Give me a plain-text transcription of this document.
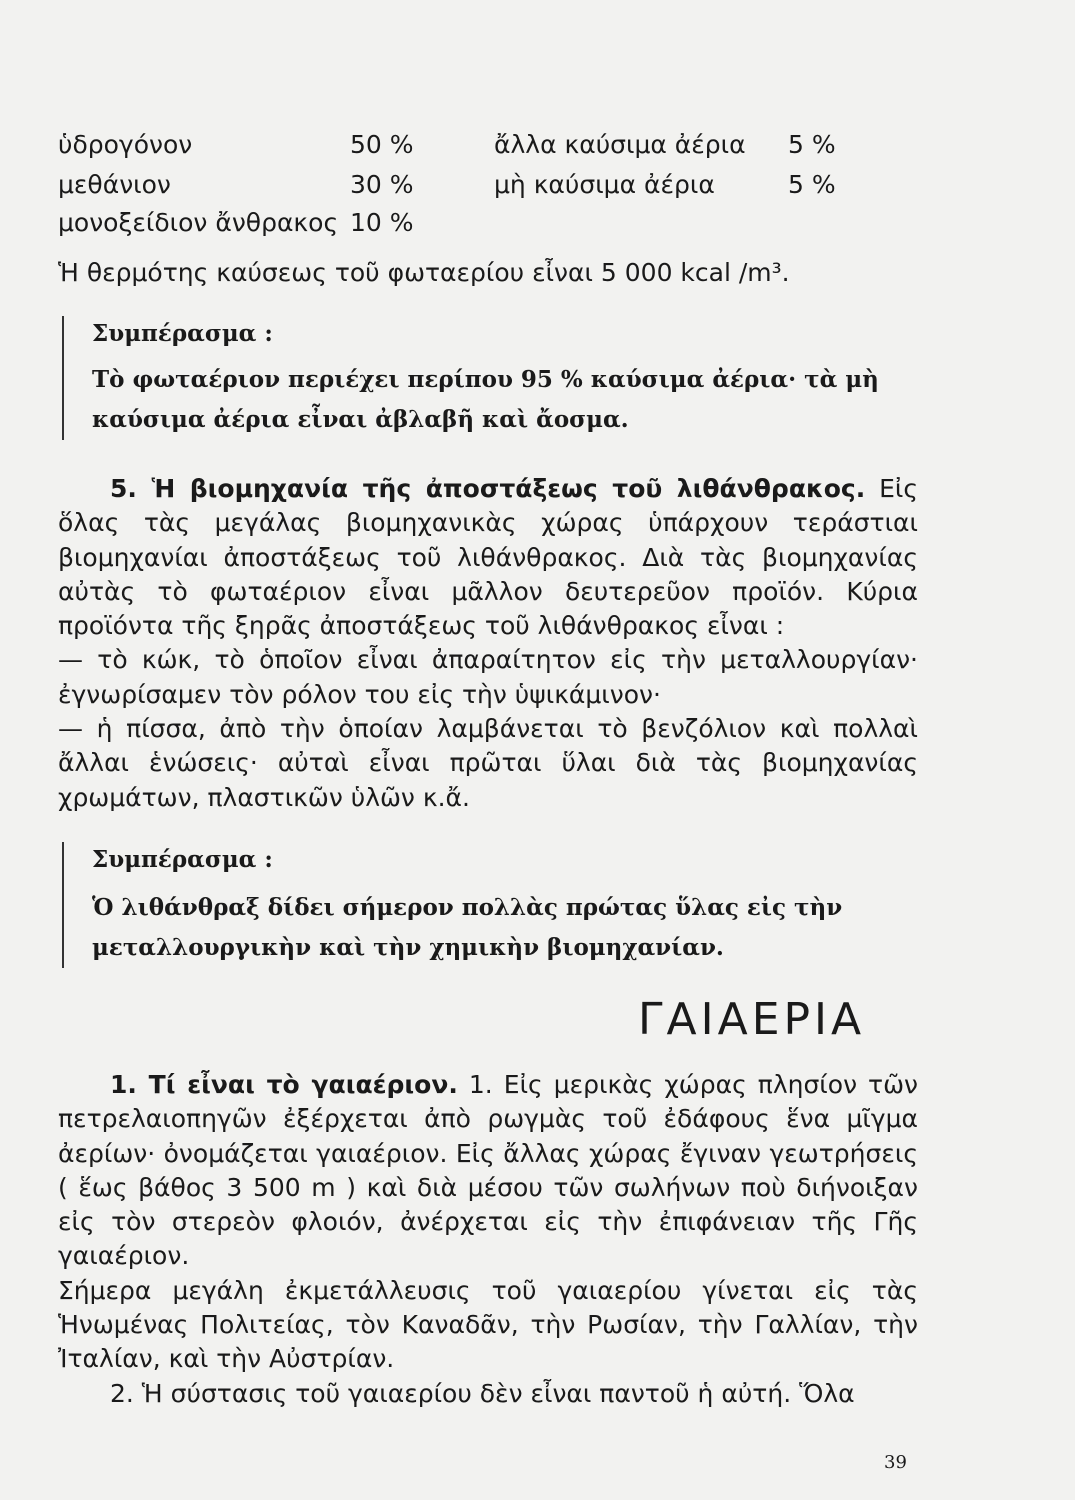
ὑδρογόνον	50 %	ἄλλα καύσιμα ἀέρια 5 %
μεθάνιον	30 %	μὴ καύσιμα ἀέρια	5 %
μονοξείδιον ἄνθρακος 10 %
Ἡ θερμότης καύσεως τοῦ φωταερίου εἶναι 5 000 kcal /m³.
Συμπέρασμα :
Τὸ φωταέριον περιέχει περίπου 95 % καύσιμα ἀέρια· τὰ μὴ καύσιμα ἀέρια εἶναι ἀβλαβῆ καὶ ἄοσμα.

5. Ἡ βιομηχανία τῆς ἀποστάξεως τοῦ λιθάνθρακος. Εἰς ὅλας τὰς μεγάλας βιομηχανικὰς χώρας ὑπάρχουν τεράστιαι βιομηχανίαι ἀποστάξεως τοῦ λιθάνθρακος. Διὰ τὰς βιομηχανίας αὐτὰς τὸ φωταέριον εἶναι μᾶλλον δευτερεῦον προϊόν. Κύρια προϊόντα τῆς ξηρᾶς ἀποστάξεως τοῦ λιθάνθρακος εἶναι :

— τὸ κώκ, τὸ ὁποῖον εἶναι ἀπαραίτητον εἰς τὴν μεταλλουργίαν· ἐγνωρίσαμεν τὸν ρόλον του εἰς τὴν ὑψικάμινον·

— ἡ πίσσα, ἀπὸ τὴν ὁποίαν λαμβάνεται τὸ βενζόλιον καὶ πολλαὶ ἄλλαι ἑνώσεις· αὐταὶ εἶναι πρῶται ὕλαι διὰ τὰς βιομηχανίας χρωμάτων, πλαστικῶν ὑλῶν κ.ἄ.

Συμπέρασμα :
Ὁ λιθάνθραξ δίδει σήμερον πολλὰς πρώτας ὕλας εἰς τὴν μεταλλουργικὴν καὶ τὴν χημικὴν βιομηχανίαν.
ΓΑΙΑΕΡΙΑ

1. Τί εἶναι τὸ γαιαέριον. 1. Εἰς μερικὰς χώρας πλησίον τῶν πετρελαιοπηγῶν ἐξέρχεται ἀπὸ ρωγμὰς τοῦ ἐδάφους ἕνα μῖγμα ἀερίων· ὀνομάζεται γαιαέριον. Εἰς ἄλλας χώρας ἔγιναν γεωτρήσεις ( ἕως βάθος 3 500 m ) καὶ διὰ μέσου τῶν σωλήνων ποὺ διήνοιξαν εἰς τὸν στερεὸν φλοιόν, ἀνέρχεται εἰς τὴν ἐπιφάνειαν τῆς Γῆς γαιαέριον.

Σήμερα μεγάλη ἐκμετάλλευσις τοῦ γαιαερίου γίνεται εἰς τὰς Ἡνωμένας Πολιτείας, τὸν Καναδᾶν, τὴν Ρωσίαν, τὴν Γαλλίαν, τὴν Ἰταλίαν, καὶ τὴν Αὐστρίαν.

2. Ἡ σύστασις τοῦ γαιαερίου δὲν εἶναι παντοῦ ἡ αὐτή. Ὅλα

39
